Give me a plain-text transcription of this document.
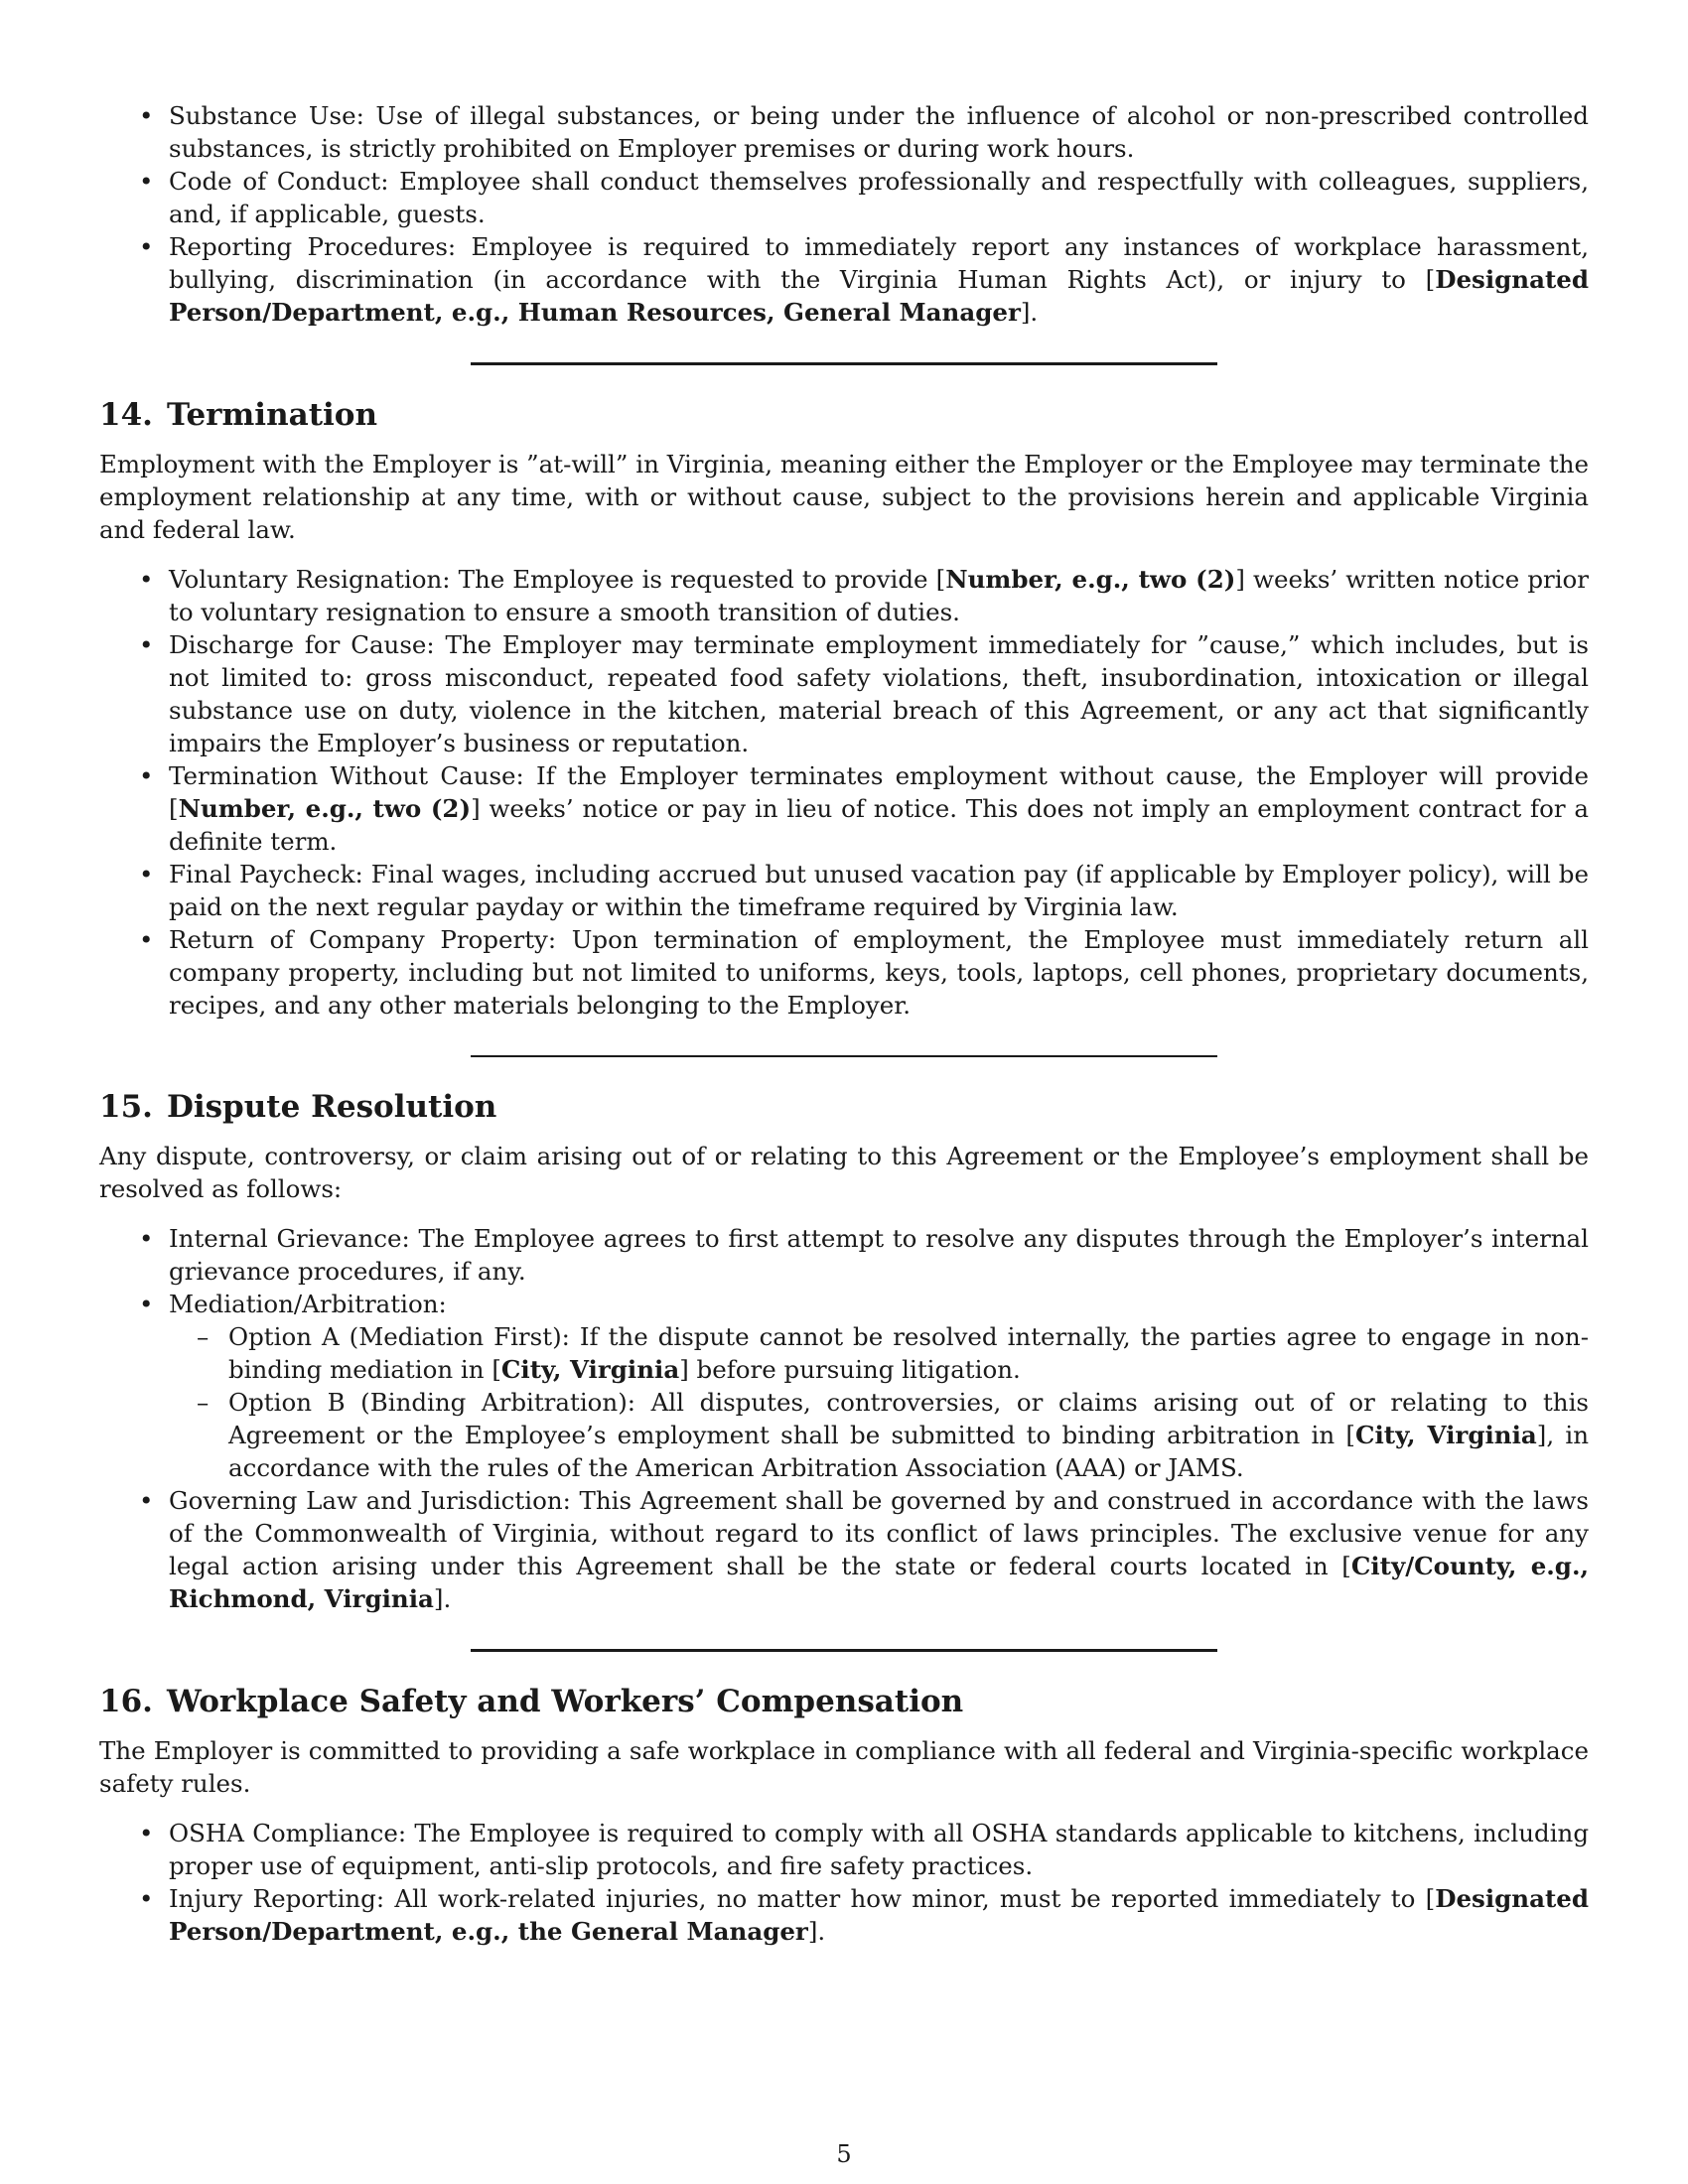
• Substance Use: Use of illegal substances, or being under the influence of alcohol or non-prescribed controlled substances, is strictly prohibited on Employer premises or during work hours.
• Code of Conduct: Employee shall conduct themselves professionally and respectfully with colleagues, suppliers, and, if applicable, guests.
• Reporting Procedures: Employee is required to immediately report any instances of workplace harassment, bullying, discrimination (in accordance with the Virginia Human Rights Act), or injury to [Designated Person/Department, e.g., Human Resources, General Manager].
14. Termination

Employment with the Employer is ”at-will” in Virginia, meaning either the Employer or the Employee may terminate the employment relationship at any time, with or without cause, subject to the provisions herein and applicable Virginia and federal law.

• Voluntary Resignation: The Employee is requested to provide [Number, e.g., two (2)] weeks’ written notice prior to voluntary resignation to ensure a smooth transition of duties.
• Discharge for Cause: The Employer may terminate employment immediately for ”cause,” which includes, but is not limited to: gross misconduct, repeated food safety violations, theft, insubordination, intoxication or illegal substance use on duty, violence in the kitchen, material breach of this Agreement, or any act that significantly impairs the Employer’s business or reputation.
• Termination Without Cause: If the Employer terminates employment without cause, the Employer will provide [Number, e.g., two (2)] weeks’ notice or pay in lieu of notice. This does not imply an employment contract for a definite term.
• Final Paycheck: Final wages, including accrued but unused vacation pay (if applicable by Employer policy), will be paid on the next regular payday or within the timeframe required by Virginia law.
• Return of Company Property: Upon termination of employment, the Employee must immediately return all company property, including but not limited to uniforms, keys, tools, laptops, cell phones, proprietary documents, recipes, and any other materials belonging to the Employer.
15. Dispute Resolution

Any dispute, controversy, or claim arising out of or relating to this Agreement or the Employee’s employment shall be resolved as follows:

• Internal Grievance: The Employee agrees to first attempt to resolve any disputes through the Employer’s internal grievance procedures, if any.
• Mediation/Arbitration:
– Option A (Mediation First): If the dispute cannot be resolved internally, the parties agree to engage in non-binding mediation in [City, Virginia] before pursuing litigation.
– Option B (Binding Arbitration): All disputes, controversies, or claims arising out of or relating to this Agreement or the Employee’s employment shall be submitted to binding arbitration in [City, Virginia], in accordance with the rules of the American Arbitration Association (AAA) or JAMS.
• Governing Law and Jurisdiction: This Agreement shall be governed by and construed in accordance with the laws of the Commonwealth of Virginia, without regard to its conflict of laws principles. The exclusive venue for any legal action arising under this Agreement shall be the state or federal courts located in [City/County, e.g., Richmond, Virginia].
16. Workplace Safety and Workers’ Compensation

The Employer is committed to providing a safe workplace in compliance with all federal and Virginia-specific workplace safety rules.

• OSHA Compliance: The Employee is required to comply with all OSHA standards applicable to kitchens, including proper use of equipment, anti-slip protocols, and fire safety practices.
• Injury Reporting: All work-related injuries, no matter how minor, must be reported immediately to [Designated Person/Department, e.g., the General Manager].
5
